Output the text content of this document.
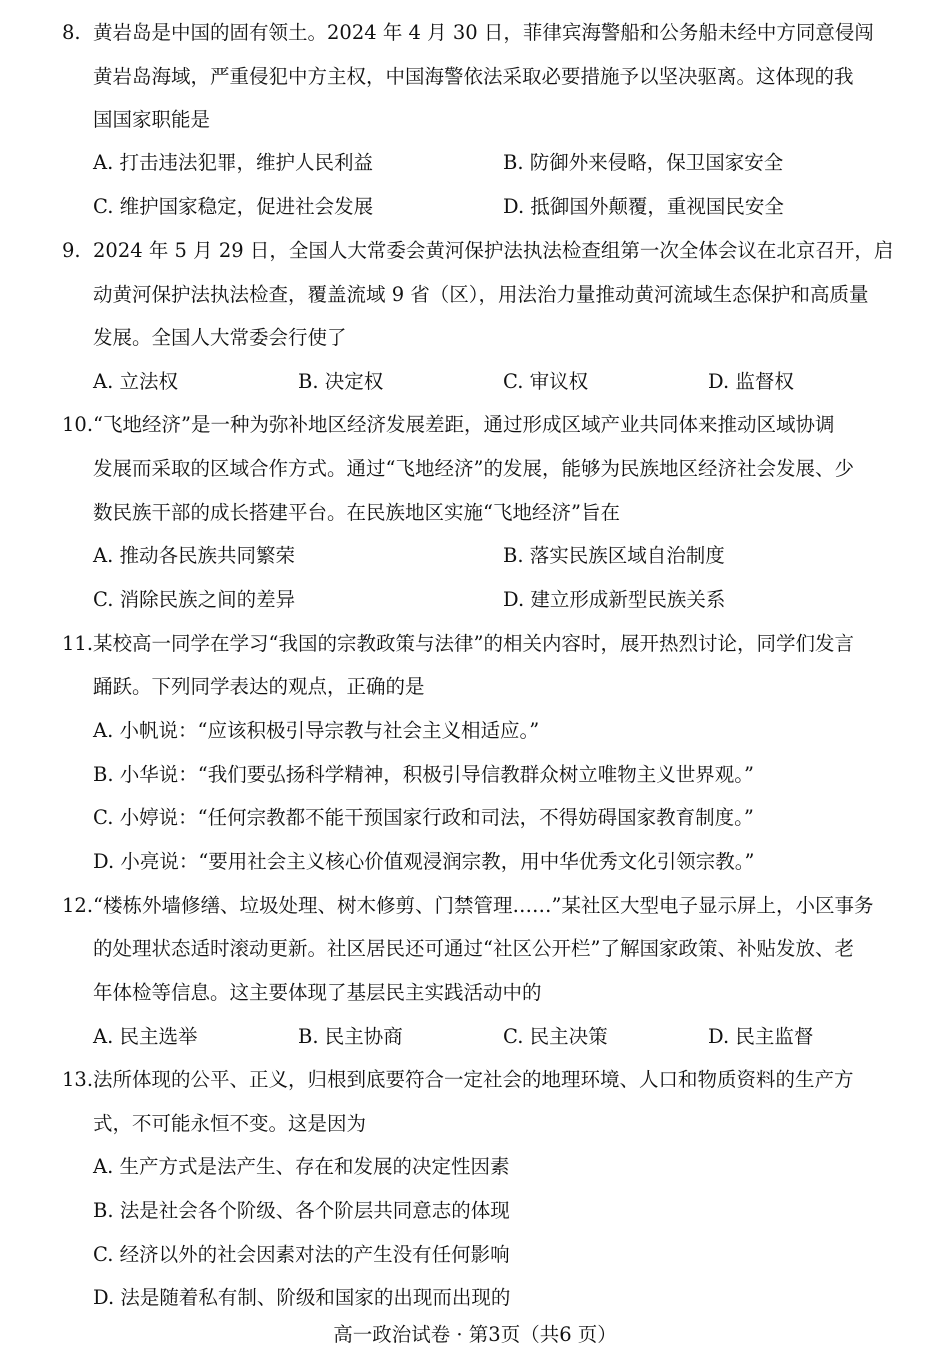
8. 黄岩岛是中国的固有领土。2024 年 4 月 30 日，菲律宾海警船和公务船未经中方同意侵闯
黄岩岛海域，严重侵犯中方主权，中国海警依法采取必要措施予以坚决驱离。这体现的我
国国家职能是
A. 打击违法犯罪，维护人民利益	B. 防御外来侵略，保卫国家安全
C. 维护国家稳定，促进社会发展	D. 抵御国外颠覆，重视国民安全
9. 2024 年 5 月 29 日，全国人大常委会黄河保护法执法检查组第一次全体会议在北京召开，启
动黄河保护法执法检查，覆盖流域 9 省（区），用法治力量推动黄河流域生态保护和高质量
发展。全国人大常委会行使了
A. 立法权	B. 决定权	C. 审议权	D. 监督权
10. “飞地经济”是一种为弥补地区经济发展差距，通过形成区域产业共同体来推动区域协调
发展而采取的区域合作方式。通过“飞地经济”的发展，能够为民族地区经济社会发展、少
数民族干部的成长搭建平台。在民族地区实施“飞地经济”旨在
A. 推动各民族共同繁荣	B. 落实民族区域自治制度
C. 消除民族之间的差异	D. 建立形成新型民族关系
11. 某校高一同学在学习“我国的宗教政策与法律”的相关内容时，展开热烈讨论，同学们发言
踊跃。下列同学表达的观点，正确的是
A. 小帆说：“应该积极引导宗教与社会主义相适应。”
B. 小华说：“我们要弘扬科学精神，积极引导信教群众树立唯物主义世界观。”
C. 小婷说：“任何宗教都不能干预国家行政和司法，不得妨碍国家教育制度。”
D. 小亮说：“要用社会主义核心价值观浸润宗教，用中华优秀文化引领宗教。”
12. “楼栋外墙修缮、垃圾处理、树木修剪、门禁管理……”某社区大型电子显示屏上，小区事务
的处理状态适时滚动更新。社区居民还可通过“社区公开栏”了解国家政策、补贴发放、老
年体检等信息。这主要体现了基层民主实践活动中的
A. 民主选举	B. 民主协商	C. 民主决策	D. 民主监督
13. 法所体现的公平、正义，归根到底要符合一定社会的地理环境、人口和物质资料的生产方
式，不可能永恒不变。这是因为
A. 生产方式是法产生、存在和发展的决定性因素
B. 法是社会各个阶级、各个阶层共同意志的体现
C. 经济以外的社会因素对法的产生没有任何影响
D. 法是随着私有制、阶级和国家的出现而出现的
高一政治试卷 · 第3页（共6 页）
